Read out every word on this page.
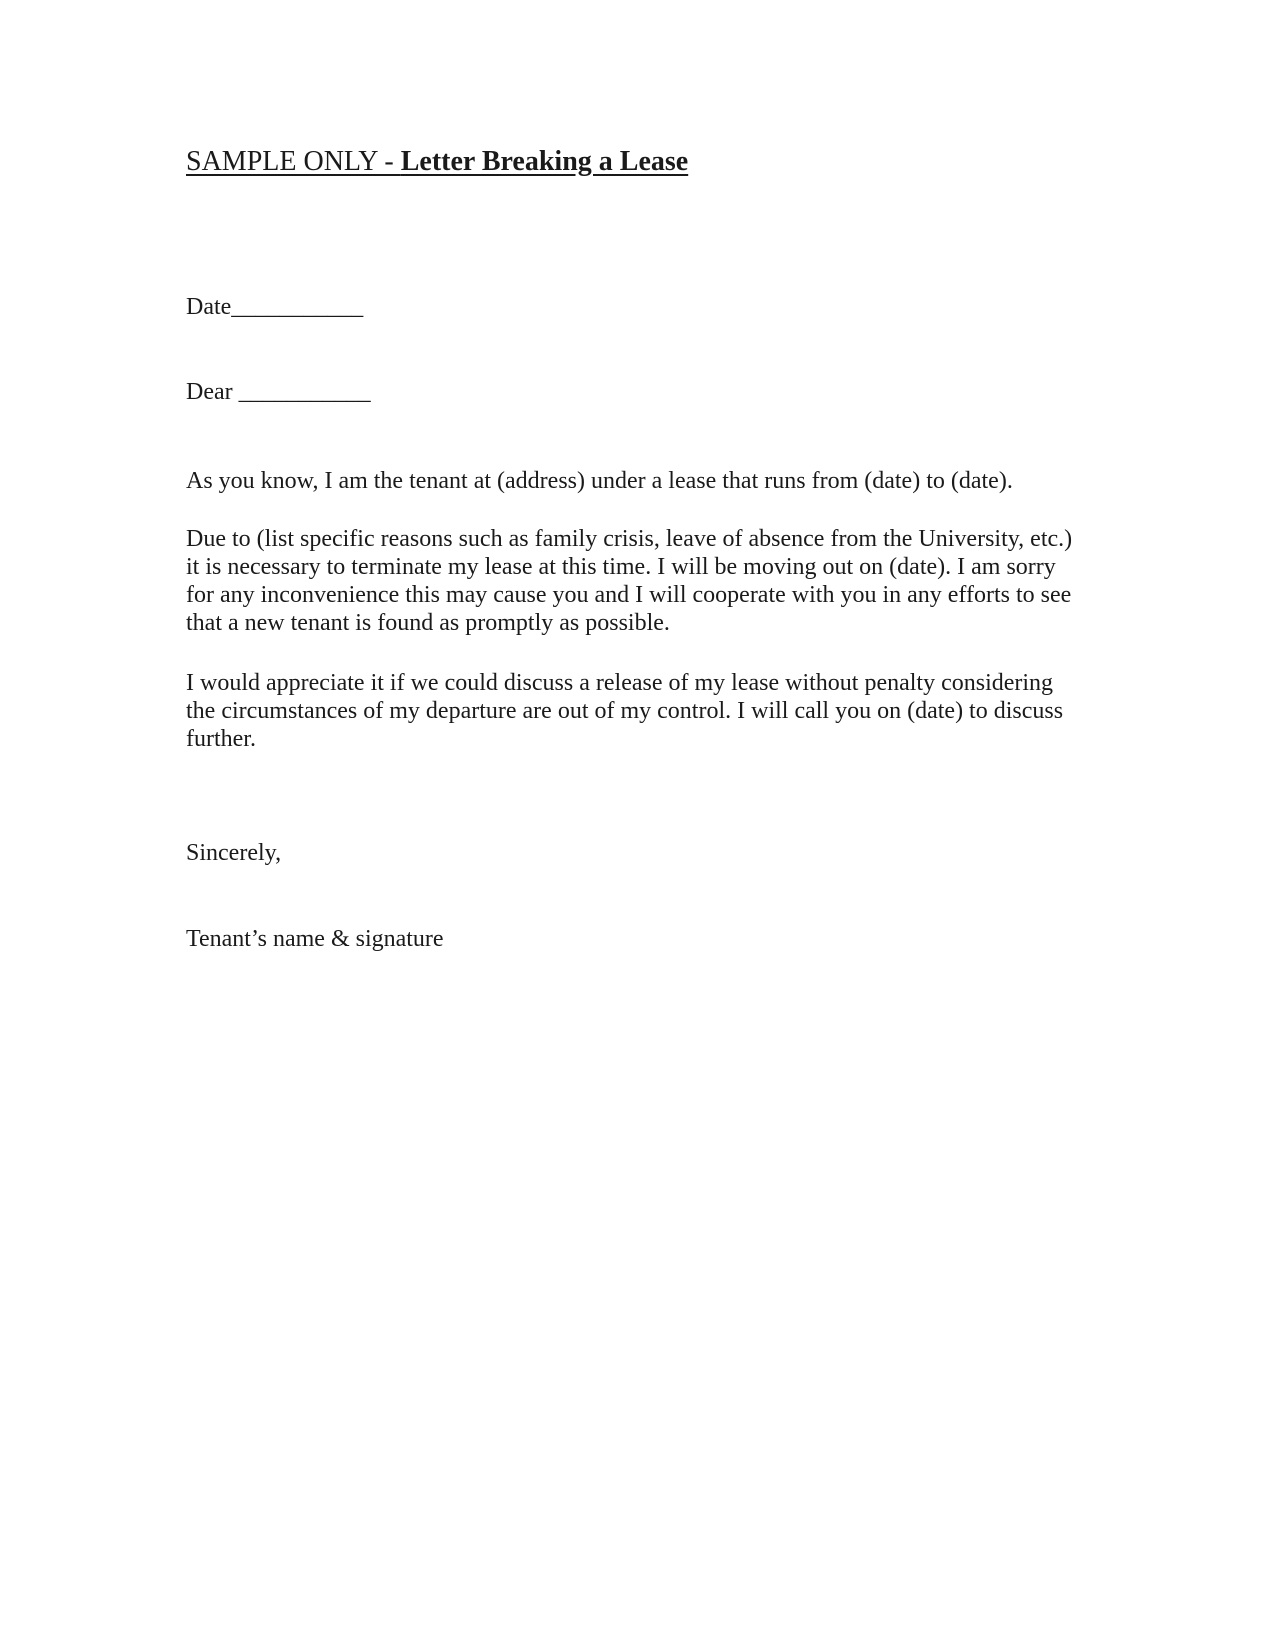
SAMPLE ONLY - Letter Breaking a Lease
Date___________
Dear ___________

As you know, I am the tenant at (address) under a lease that runs from (date) to (date).

Due to (list specific reasons such as family crisis, leave of absence from the University, etc.) it is necessary to terminate my lease at this time. I will be moving out on (date). I am sorry for any inconvenience this may cause you and I will cooperate with you in any efforts to see that a new tenant is found as promptly as possible.

I would appreciate it if we could discuss a release of my lease without penalty considering the circumstances of my departure are out of my control. I will call you on (date) to discuss further.

Sincerely,
Tenant’s name & signature
